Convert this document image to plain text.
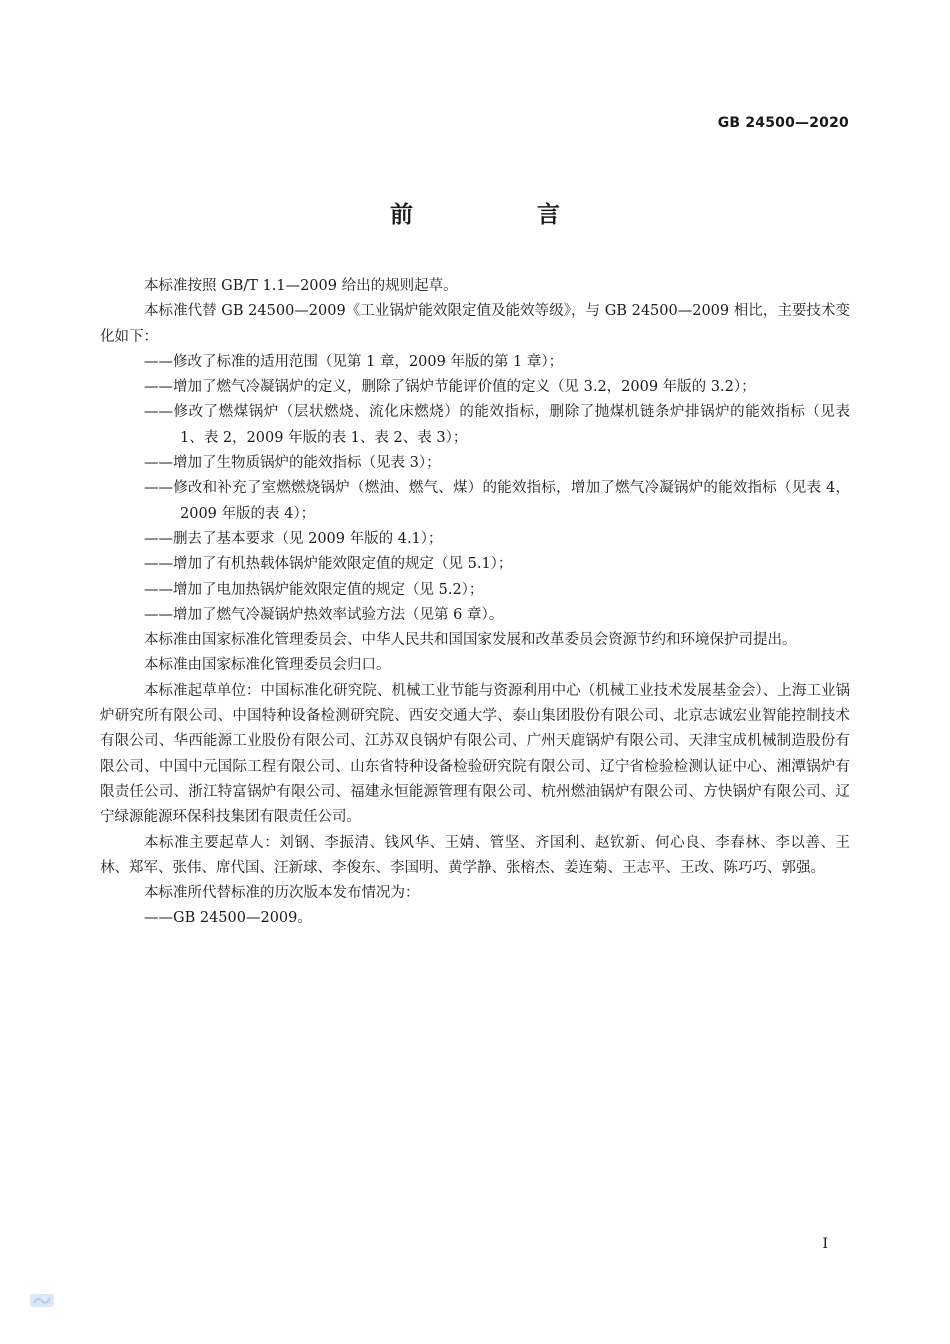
GB 24500—2020
前 言

本标准按照 GB/T 1.1—2009 给出的规则起草。

本标准代替 GB 24500—2009《工业锅炉能效限定值及能效等级》，与 GB 24500—2009 相比，主要技术变化如下：

——修改了标准的适用范围（见第 1 章，2009 年版的第 1 章）；

——增加了燃气冷凝锅炉的定义，删除了锅炉节能评价值的定义（见 3.2，2009 年版的 3.2）；

——修改了燃煤锅炉（层状燃烧、流化床燃烧）的能效指标，删除了抛煤机链条炉排锅炉的能效指标（见表 1、表 2，2009 年版的表 1、表 2、表 3）；

——增加了生物质锅炉的能效指标（见表 3）；

——修改和补充了室燃燃烧锅炉（燃油、燃气、煤）的能效指标，增加了燃气冷凝锅炉的能效指标（见表 4，2009 年版的表 4）；

——删去了基本要求（见 2009 年版的 4.1）；

——增加了有机热载体锅炉能效限定值的规定（见 5.1）；

——增加了电加热锅炉能效限定值的规定（见 5.2）；

——增加了燃气冷凝锅炉热效率试验方法（见第 6 章）。

本标准由国家标准化管理委员会、中华人民共和国国家发展和改革委员会资源节约和环境保护司提出。

本标准由国家标准化管理委员会归口。

本标准起草单位：中国标准化研究院、机械工业节能与资源利用中心（机械工业技术发展基金会）、上海工业锅炉研究所有限公司、中国特种设备检测研究院、西安交通大学、泰山集团股份有限公司、北京志诚宏业智能控制技术有限公司、华西能源工业股份有限公司、江苏双良锅炉有限公司、广州天鹿锅炉有限公司、天津宝成机械制造股份有限公司、中国中元国际工程有限公司、山东省特种设备检验研究院有限公司、辽宁省检验检测认证中心、湘潭锅炉有限责任公司、浙江特富锅炉有限公司、福建永恒能源管理有限公司、杭州燃油锅炉有限公司、方快锅炉有限公司、辽宁绿源能源环保科技集团有限责任公司。

本标准主要起草人：刘钢、李振清、钱风华、王婧、管坚、齐国利、赵钦新、何心良、李春林、李以善、王林、郑军、张伟、席代国、汪新球、李俊东、李国明、黄学静、张榕杰、姜连菊、王志平、王改、陈巧巧、郭强。

本标准所代替标准的历次版本发布情况为：

——GB 24500—2009。

I
